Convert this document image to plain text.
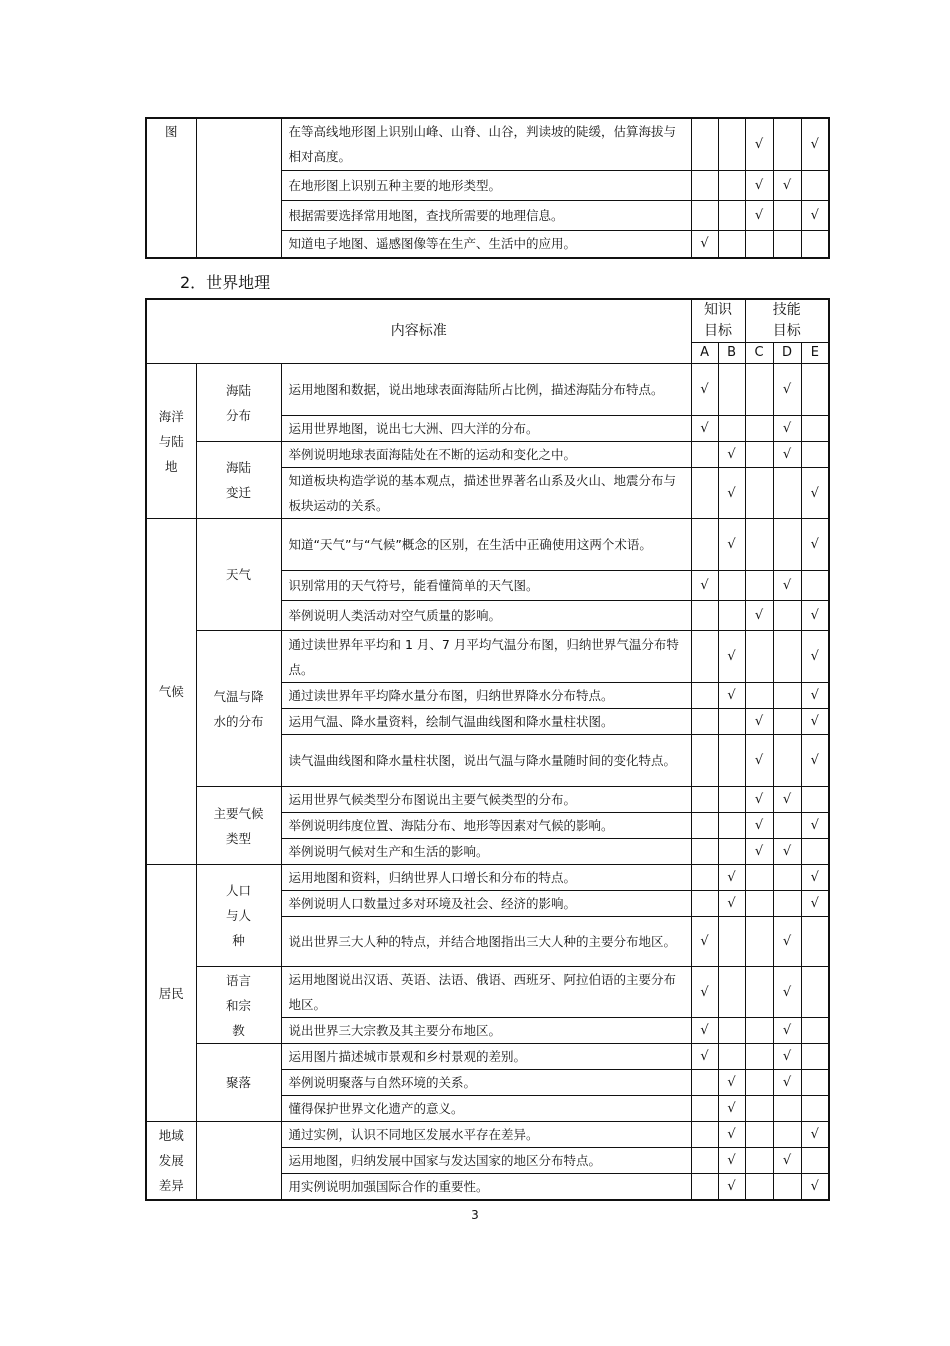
图		在等高线地形图上识别山峰、山脊、山谷，判读坡的陡缓，估算海拔与相对高度。			√		√
		在地形图上识别五种主要的地形类型。			√	√	
		根据需要选择常用地图，查找所需要的地理信息。			√		√
		知道电子地图、遥感图像等在生产、生活中的应用。	√				
2．世界地理
内容标准			知识目标		技能目标		
			A	B	C	D	E
海洋与陆地	海陆分布	运用地图和数据，说出地球表面海陆所占比例，描述海陆分布特点。	√			√	
		运用世界地图，说出七大洲、四大洋的分布。	√			√	
	海陆变迁	举例说明地球表面海陆处在不断的运动和变化之中。		√		√	
		知道板块构造学说的基本观点，描述世界著名山系及火山、地震分布与板块运动的关系。		√			√
气候	天气	知道“天气”与“气候”概念的区别，在生活中正确使用这两个术语。		√			√
		识别常用的天气符号，能看懂简单的天气图。	√			√	
		举例说明人类活动对空气质量的影响。			√		√
	气温与降水的分布	通过读世界年平均和 1 月、7 月平均气温分布图，归纳世界气温分布特点。		√			√
		通过读世界年平均降水量分布图，归纳世界降水分布特点。		√			√
		运用气温、降水量资料，绘制气温曲线图和降水量柱状图。			√		√
		读气温曲线图和降水量柱状图，说出气温与降水量随时间的变化特点。			√		√
	主要气候类型	运用世界气候类型分布图说出主要气候类型的分布。			√	√	
		举例说明纬度位置、海陆分布、地形等因素对气候的影响。			√		√
		举例说明气候对生产和生活的影响。			√	√	
居民	人口与人种	运用地图和资料，归纳世界人口增长和分布的特点。		√			√
		举例说明人口数量过多对环境及社会、经济的影响。		√			√
		说出世界三大人种的特点，并结合地图指出三大人种的主要分布地区。	√			√	
	语言和宗教	运用地图说出汉语、英语、法语、俄语、西班牙、阿拉伯语的主要分布地区。	√			√	
		说出世界三大宗教及其主要分布地区。	√			√	
	聚落	运用图片描述城市景观和乡村景观的差别。	√			√	
		举例说明聚落与自然环境的关系。		√		√	
		懂得保护世界文化遗产的意义。		√			
地域发展差异		通过实例，认识不同地区发展水平存在差异。		√			√
		运用地图，归纳发展中国家与发达国家的地区分布特点。		√		√	
		用实例说明加强国际合作的重要性。		√			√
3
